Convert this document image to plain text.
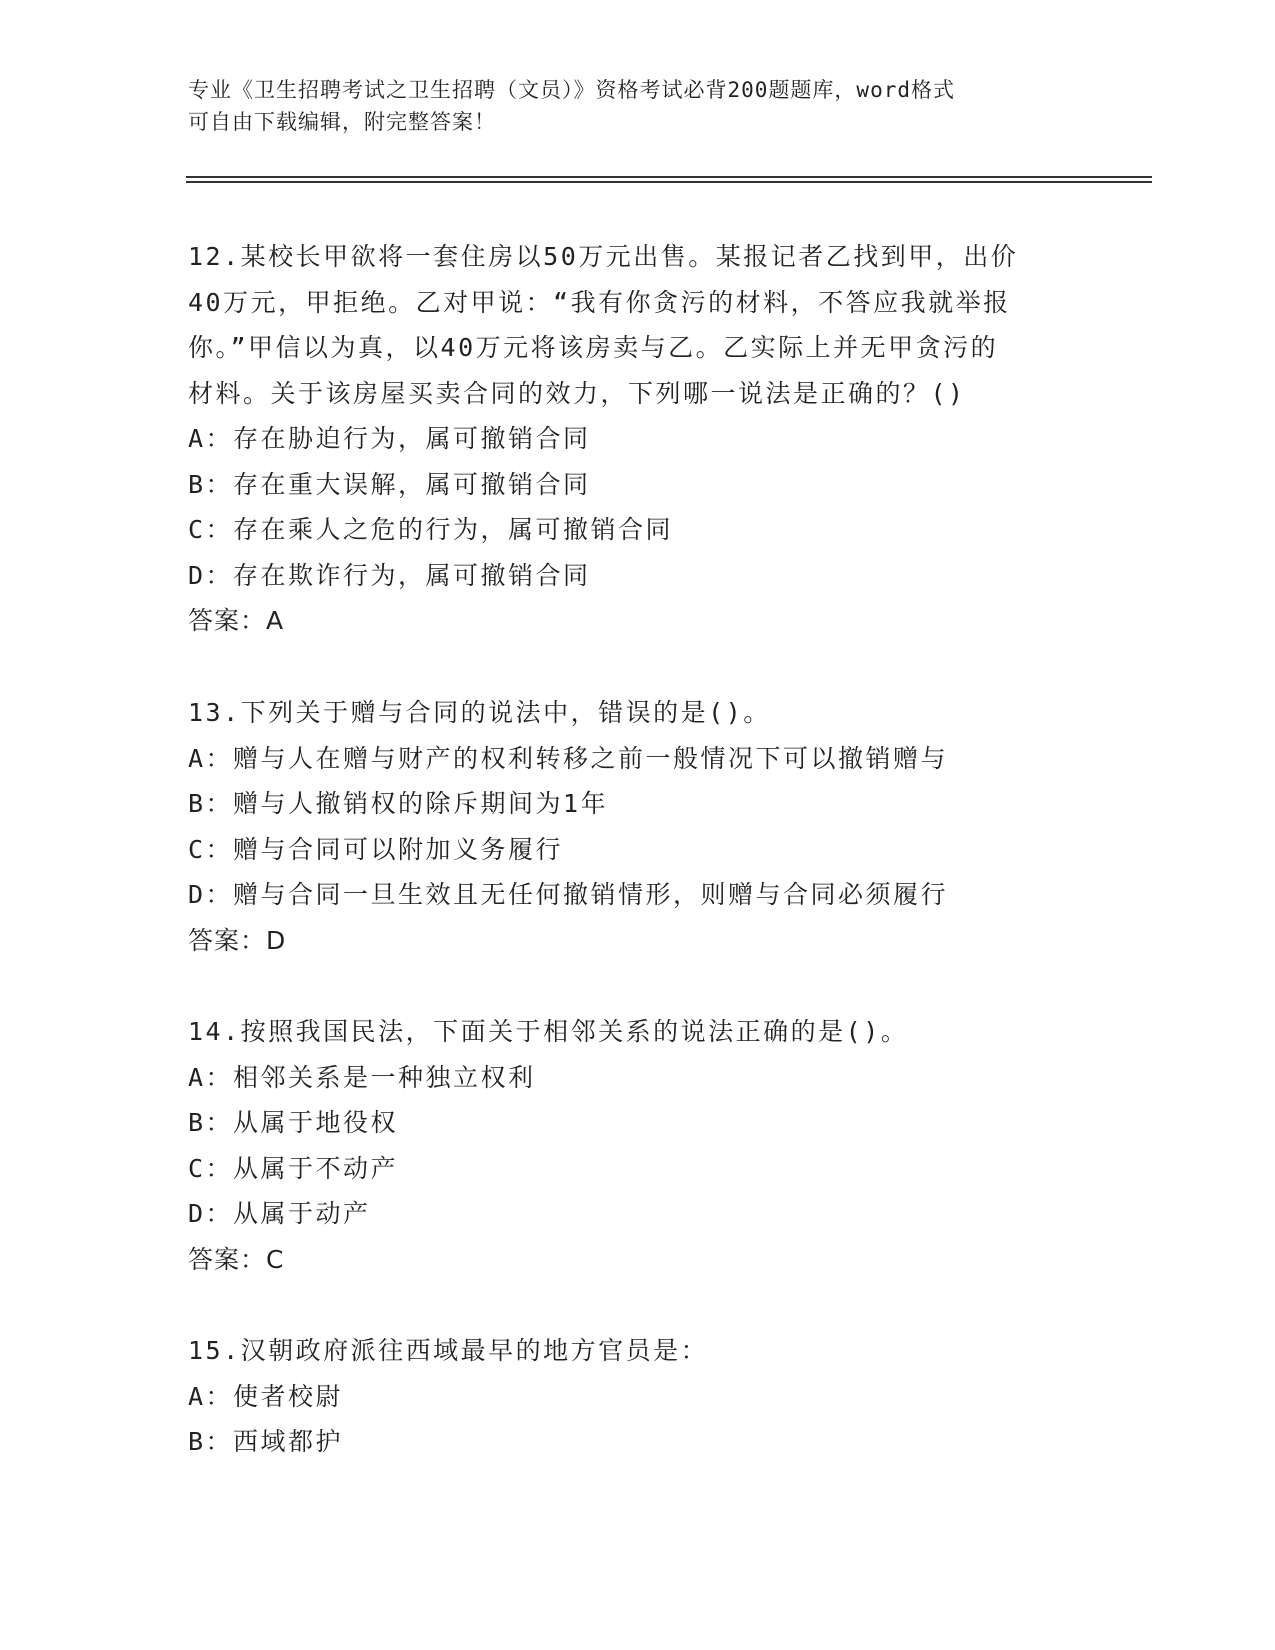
专业《卫生招聘考试之卫生招聘（文员）》资格考试必背200题题库，word格式
可自由下载编辑，附完整答案！
12.某校长甲欲将一套住房以50万元出售。某报记者乙找到甲，出价
40万元，甲拒绝。乙对甲说：“我有你贪污的材料，不答应我就举报
你。”甲信以为真，以40万元将该房卖与乙。乙实际上并无甲贪污的
材料。关于该房屋买卖合同的效力，下列哪一说法是正确的？()
A：存在胁迫行为，属可撤销合同
B：存在重大误解，属可撤销合同
C：存在乘人之危的行为，属可撤销合同
D：存在欺诈行为，属可撤销合同
答案：A
13.下列关于赠与合同的说法中，错误的是()。
A：赠与人在赠与财产的权利转移之前一般情况下可以撤销赠与
B：赠与人撤销权的除斥期间为1年
C：赠与合同可以附加义务履行
D：赠与合同一旦生效且无任何撤销情形，则赠与合同必须履行
答案：D
14.按照我国民法，下面关于相邻关系的说法正确的是()。
A：相邻关系是一种独立权利
B：从属于地役权
C：从属于不动产
D：从属于动产
答案：C
15.汉朝政府派往西域最早的地方官员是：
A：使者校尉
B：西域都护
